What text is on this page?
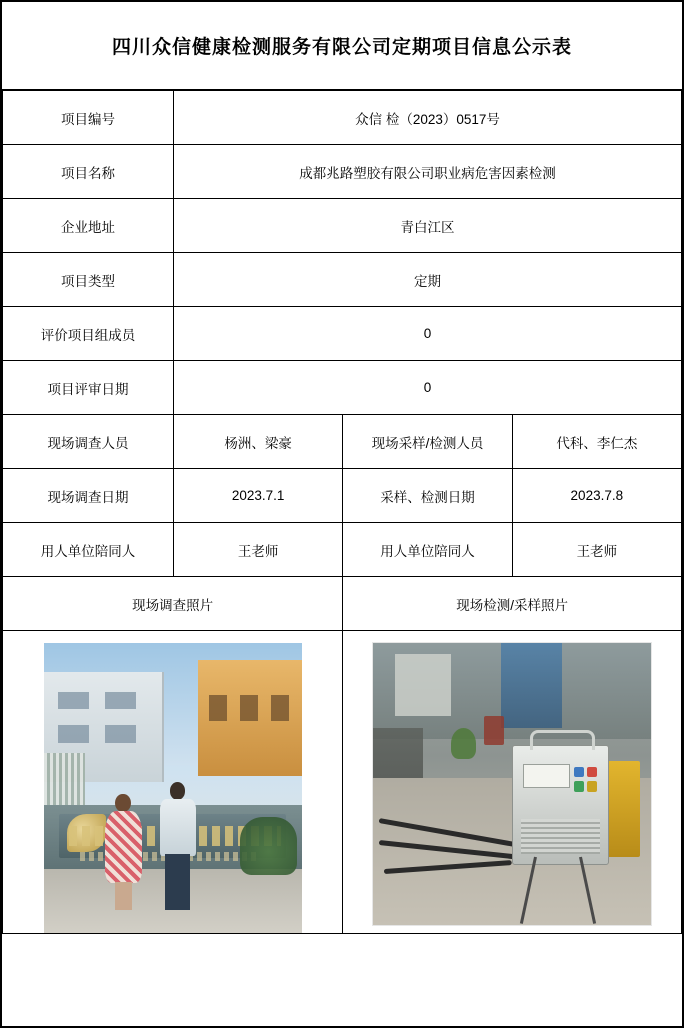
四川众信健康检测服务有限公司定期项目信息公示表
项目编号	众信 检（2023）0517号		
项目名称	成都兆路塑胶有限公司职业病危害因素检测		
企业地址	青白江区		
项目类型	定期		
评价项目组成员	0		
项目评审日期	0		
现场调查人员	杨洲、梁豪	现场采样/检测人员	代科、李仁杰
现场调查日期	2023.7.1	采样、检测日期	2023.7.8
用人单位陪同人	王老师	用人单位陪同人	王老师
现场调查照片		现场检测/采样照片	
